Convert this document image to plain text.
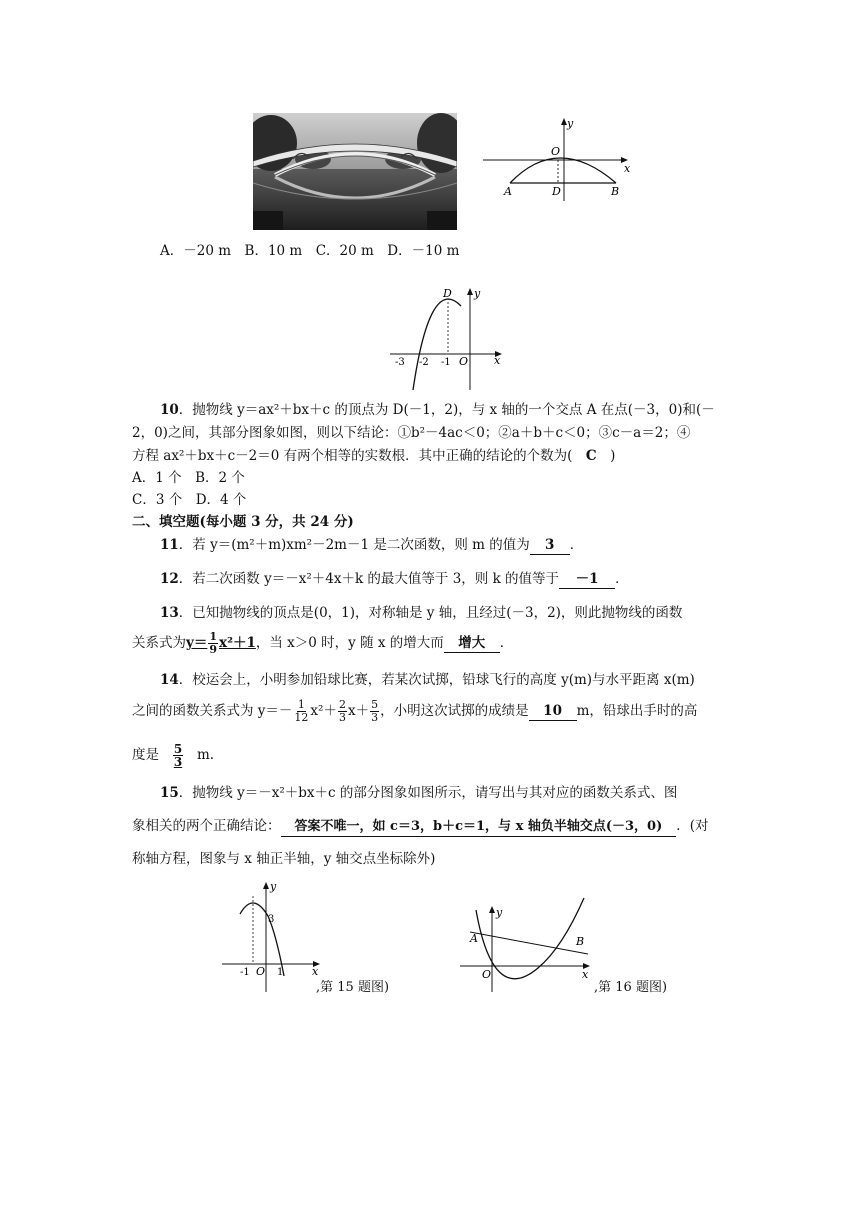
y
x
O
A	D	B
A．－20 m　B．10 m　C．20 m　D．－10 m
D y
x
-3 -2 -1 O
10．抛物线 y＝ax²＋bx＋c 的顶点为 D(－1，2)，与 x 轴的一个交点 A 在点(－3，0)和(－
2，0)之间，其部分图象如图，则以下结论：①b²－4ac＜0；②a＋b＋c＜0；③c－a＝2；④
方程 ax²＋bx＋c－2＝0 有两个相等的实数根．其中正确的结论的个数为(　C　)
A．1 个　B．2 个
C．3 个　D．4 个
二、填空题(每小题 3 分，共 24 分)
11．若 y＝(m²＋m)xm²－2m－1 是二次函数，则 m 的值为 3 ．
12．若二次函数 y＝－x²＋4x＋k 的最大值等于 3，则 k 的值等于 －1 ．
13．已知抛物线的顶点是(0，1)，对称轴是 y 轴，且经过(－3，2)，则此抛物线的函数
关系式为$y= \frac{1}{9} x^2+1$，当 x＞0 时，y 随 x 的增大而 增大 ．
14．校运会上，小明参加铅球比赛，若某次试掷，铅球飞行的高度 y(m)与水平距离 x(m)
之间的函数关系式为 $y=- \frac{1}{12} x^2+ \frac{2}{3} x+ \frac{5}{3}$ ，小明这次试掷的成绩是 10 m，铅球出手时的高
度是 $\frac{5}{3} m$.
15．抛物线 y＝－x²＋bx＋c 的部分图象如图所示，请写出与其对应的函数关系式、图
象相关的两个正确结论： 答案不唯一，如 c＝3，b＋c＝1，与 x 轴负半轴交点(－3，0) ．(对
称轴方程，图象与 x 轴正半轴，y 轴交点坐标除外)
y
3
-1 O 1	x
,第 15 题图)
y
A	B
O	x
,第 16 题图)
